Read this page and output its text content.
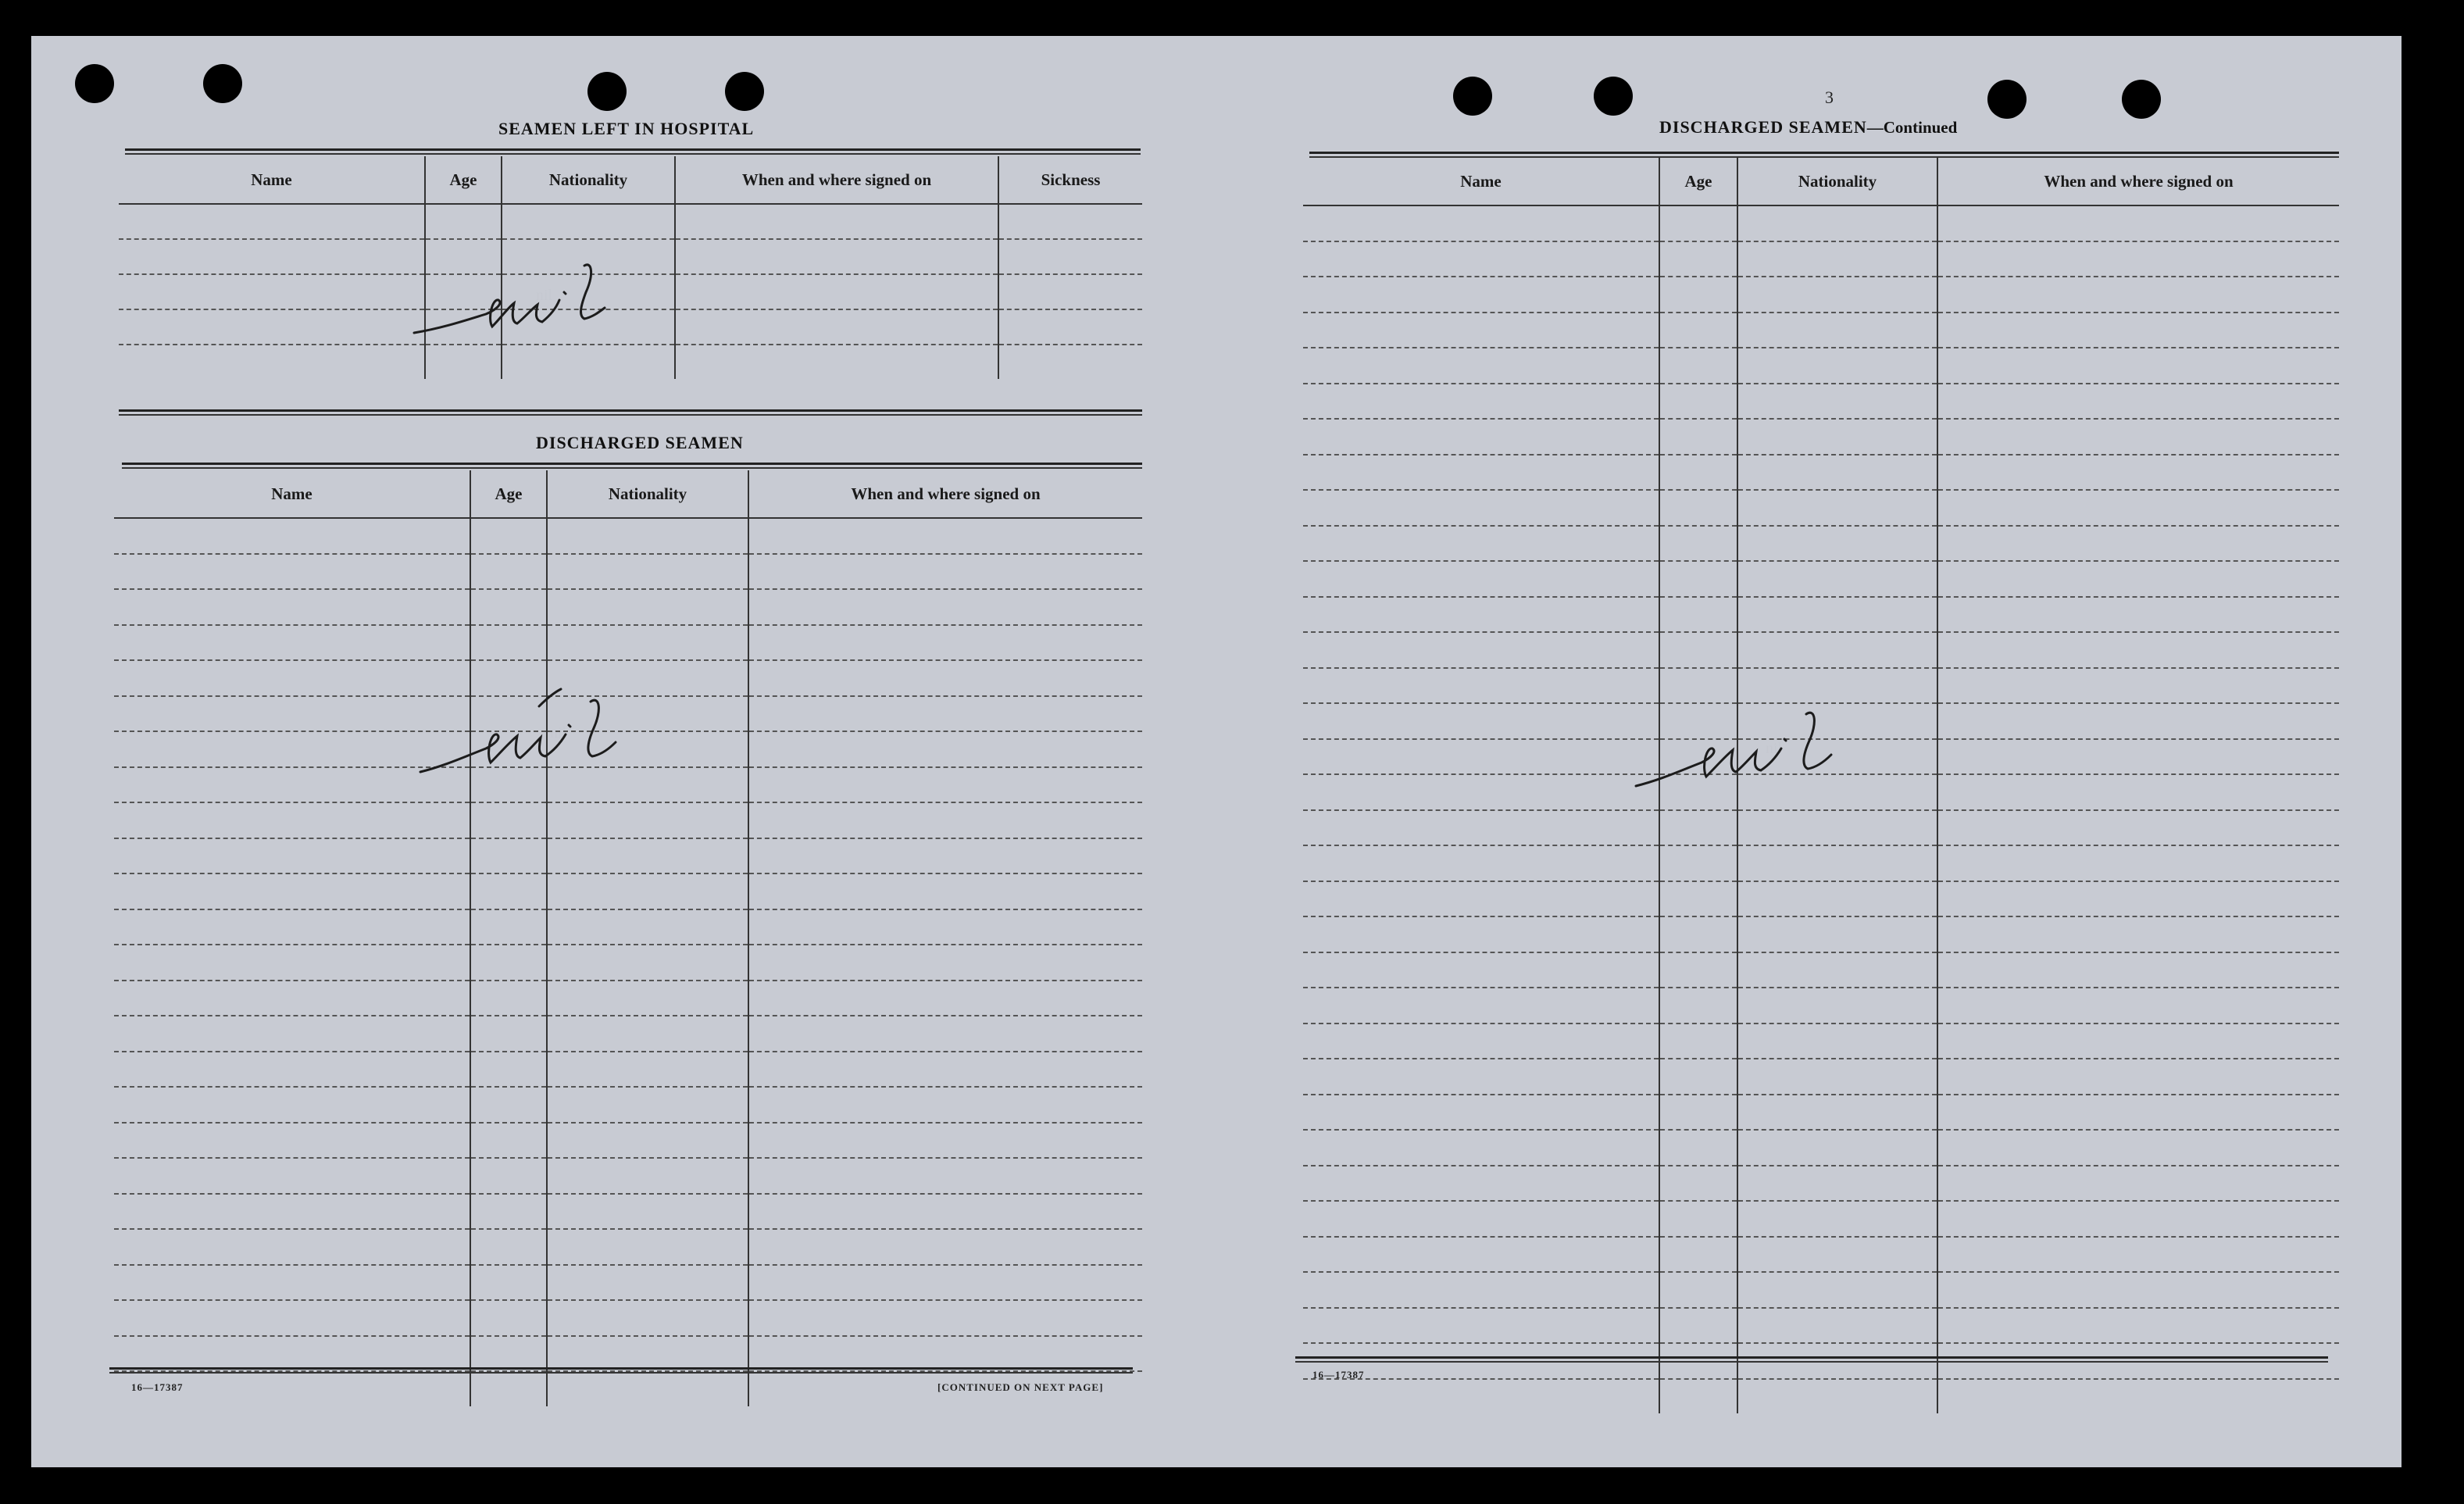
SEAMEN LEFT IN HOSPITAL
Name	Age	Nationality	When and where signed on	Sickness

nil
DISCHARGED SEAMEN
Name	Age	Nationality	When and where signed on

nil
16—17387	[CONTINUED ON NEXT PAGE]
3
DISCHARGED SEAMEN—Continued
Name	Age	Nationality	When and where signed on

nil
16—17387
